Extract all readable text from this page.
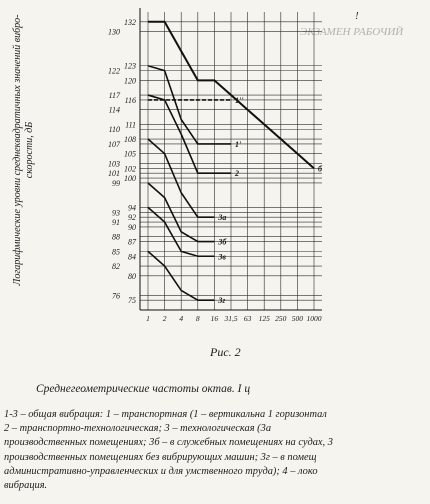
ЭКЗАМЕН РАБОЧИЙ
!
132
130
123
122
120
117
116
114
111
110
108
107
105
103
102
101
100
99
94
93
92
91
90
88
87
85
84
82
80
76
75
1 2 4 8 16 31,5 63 125 250 500 1000
б
1''
1'
2
3а
3б
3в
3г
Логарифмические уровни среднеквадратичных значений вибро- скорости, дБ
Рис. 2
Среднегеометрические частоты октав. I ц
1-3 – общая вибрация: 1 – транспортная (1 – вертикальна 1 горизонтал
2 – транспортно-технологическая; 3 – технологическая (3а
производственных помещениях; 3б – в служебных помещениях на судах, 3
производственных помещениях без вибрирующих машин; 3г – в помещ
административно-управленческих и для умственного труда); 4 – локо
вибрация.
